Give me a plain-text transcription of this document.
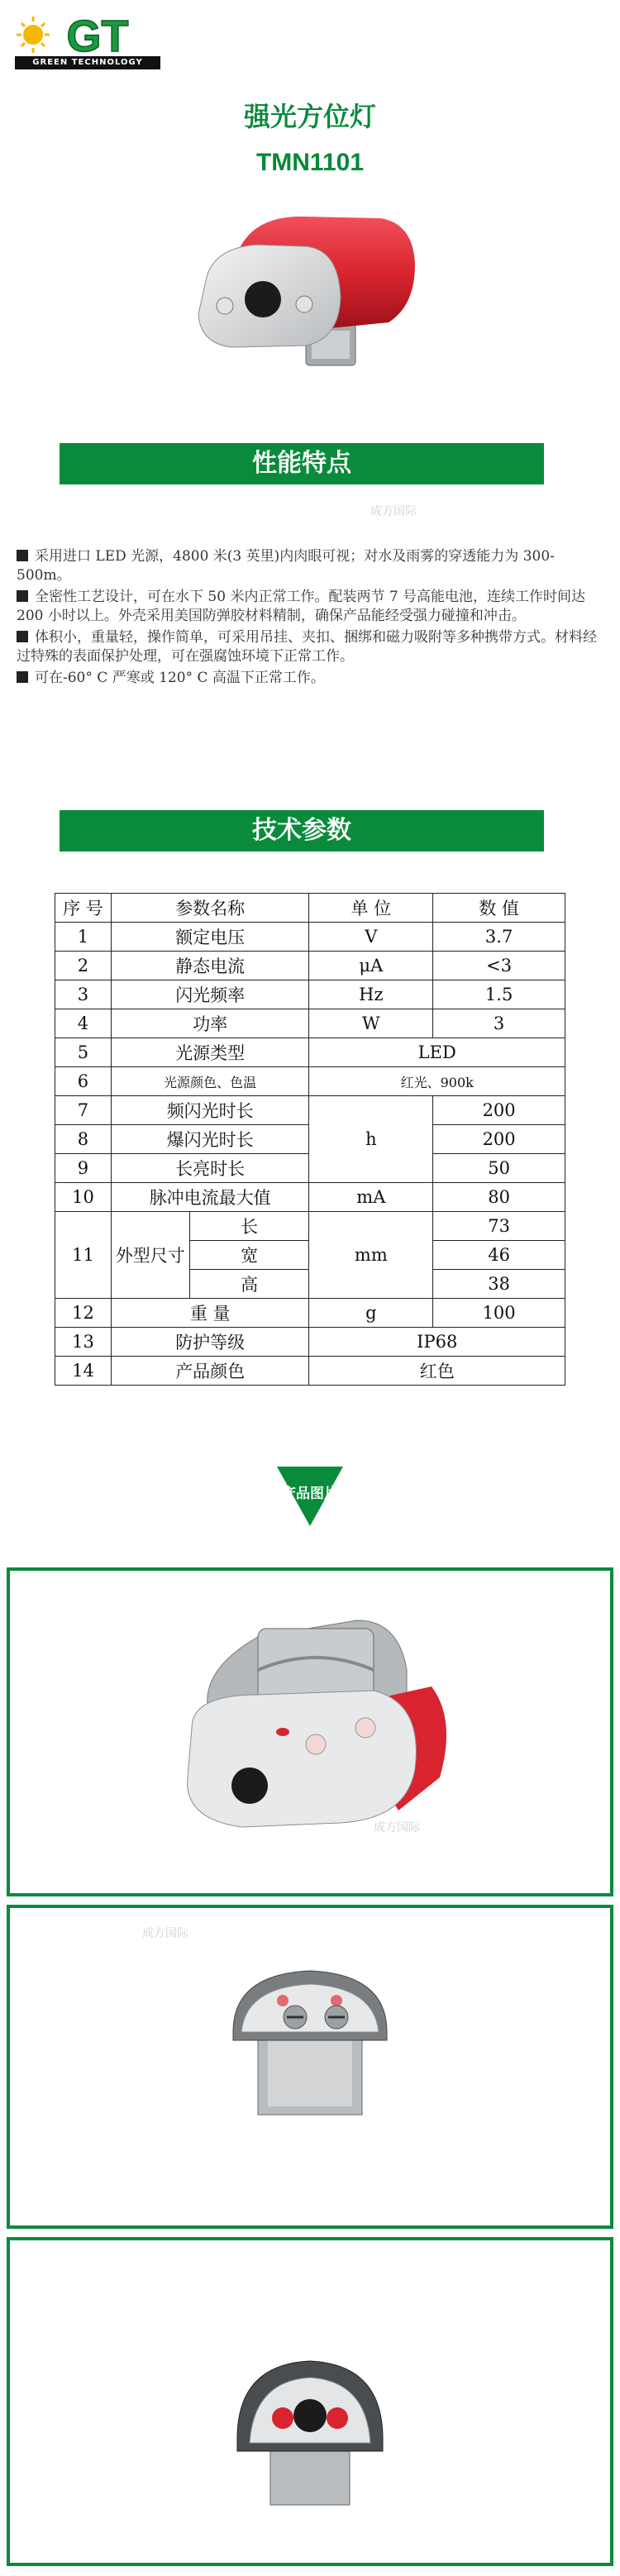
GT
GREEN TECHNOLOGY
强光方位灯
TMN1101
性能特点
成方国际

采用进口 LED 光源，4800 米(3 英里)内肉眼可视；对水及雨雾的穿透能力为 300-500m。

全密性工艺设计，可在水下 50 米内正常工作。配装两节 7 号高能电池，连续工作时间达 200 小时以上。外壳采用美国防弹胶材料精制，确保产品能经受强力碰撞和冲击。

体积小，重量轻，操作简单，可采用吊挂、夹扣、捆绑和磁力吸附等多种携带方式。材料经过特殊的表面保护处理，可在强腐蚀环境下正常工作。

可在-60° C 严寒或 120° C 高温下正常工作。

技术参数
序 号	参数名称		单 位	数 值
1	额定电压		V	3.7
2	静态电流		μA	<3
3	闪光频率		Hz	1.5
4	功率		W	3
5	光源类型		LED	
6	光源颜色、色温		红光、900k	
7	频闪光时长		h	200
8	爆闪光时长			200
9	长亮时长			50
10	脉冲电流最大值		mA	80
11	外型尺寸	长	mm	73
		宽		46
		高		38
12	重 量		g	100
13	防护等级		IP68	
14	产品颜色		红色	
产品图片
成方国际
成方国际
